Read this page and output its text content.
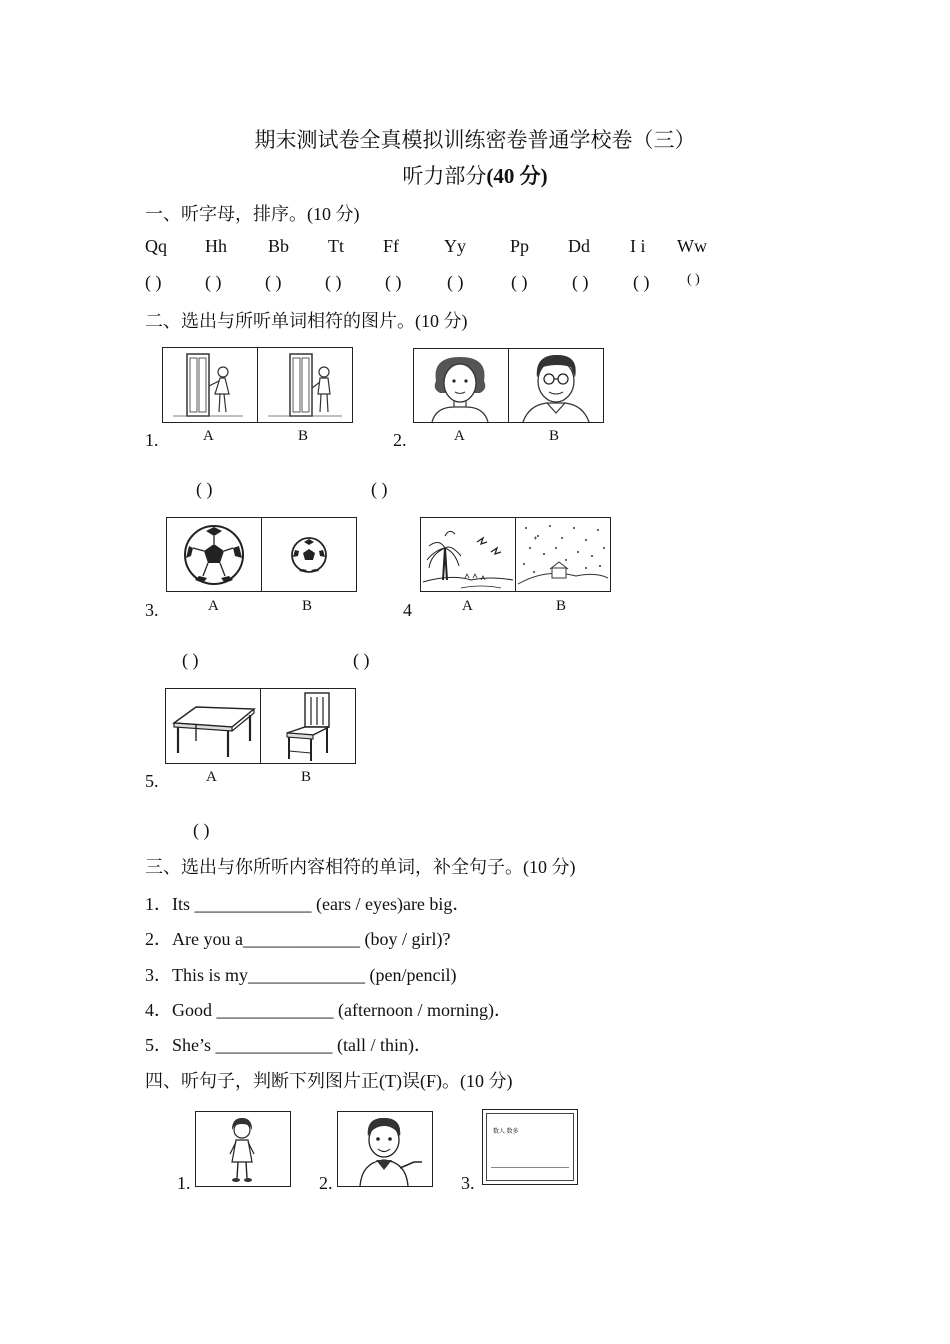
期末测试卷全真模拟训练密卷普通学校卷（三）
听力部分(40 分)
一、听字母，排序。(10 分)
Qq Hh Bb Tt Ff Yy Pp Dd I i Ww
( ) ( ) ( ) ( ) ( )	( )	( ) ( ) ( )	( )
二、选出与所听单词相符的图片。(10 分)
1.	A	B
( )
2.	A	B
( )
3.	A	B
( )
4	A	B
( )
5.	A	B
( )
三、选出与你所听内容相符的单词，补全句子。(10 分)
1．Its _____________ (ears / eyes)are big．
2．Are you a_____________ (boy / girl)?
3．This is my_____________ (pen/pencil)
4．Good _____________ (afternoon / morning)．
5．She’s _____________ (tall / thin)．
四、听句子，判断下列图片正(T)误(F)。(10 分)
1.	2.
数人 数多
3.
